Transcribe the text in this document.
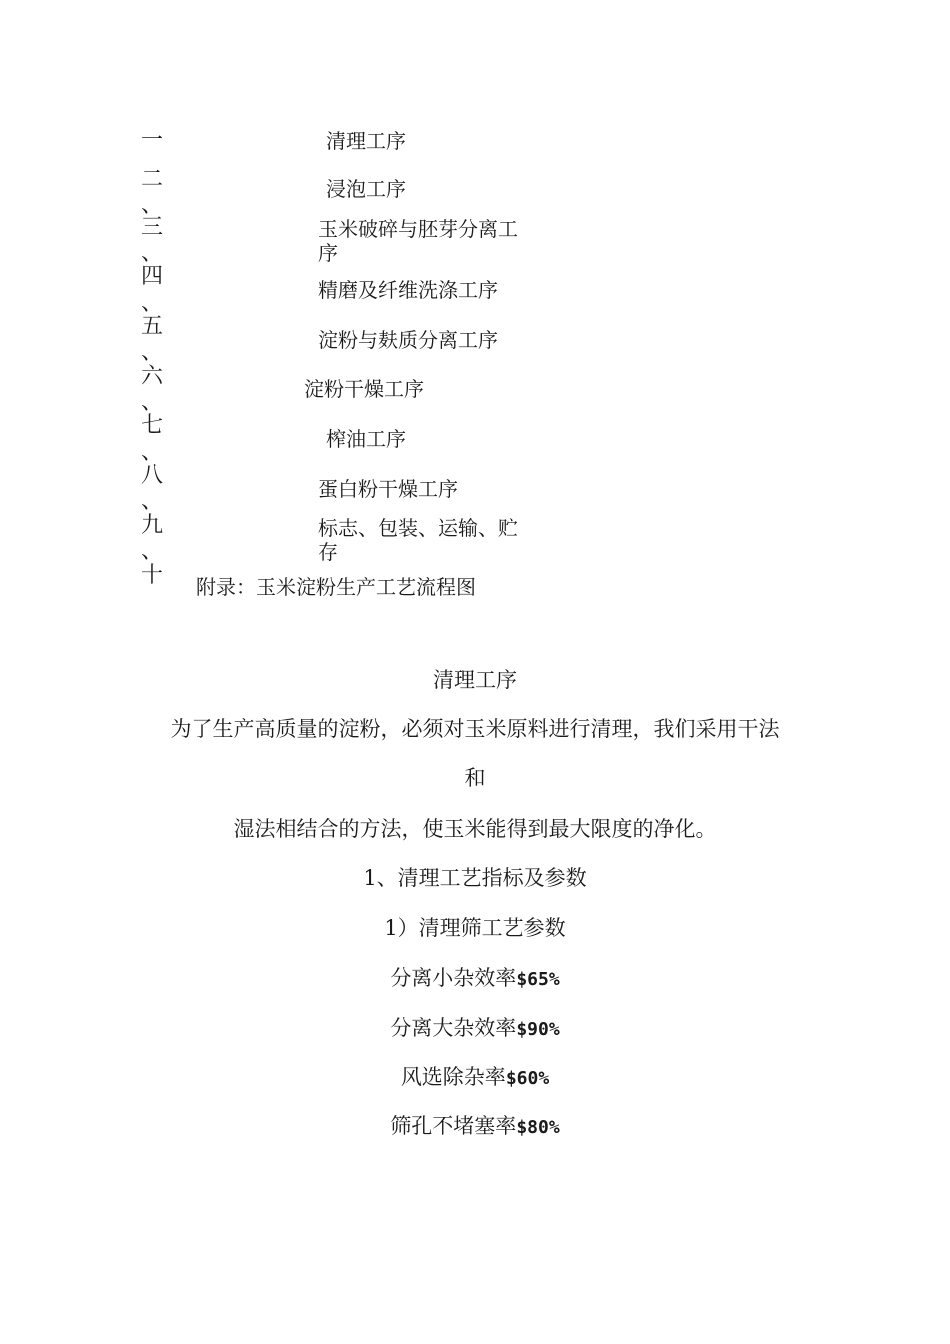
一
二
、
三
、
四
、
五
、
六
、
七
、
八
、
九
、
十
清理工序
浸泡工序
玉米破碎与胚芽分离工
序
精磨及纤维洗涤工序
淀粉与麸质分离工序
淀粉干燥工序
榨油工序
蛋白粉干燥工序
标志、包装、运输、贮
存
附录：玉米淀粉生产工艺流程图
清理工序
为了生产高质量的淀粉，必须对玉米原料进行清理，我们采用干法
和
湿法相结合的方法，使玉米能得到最大限度的净化。
1、清理工艺指标及参数
1）清理筛工艺参数
分离小杂效率$65%
分离大杂效率$90%
风选除杂率$60%
筛孔不堵塞率$80%
